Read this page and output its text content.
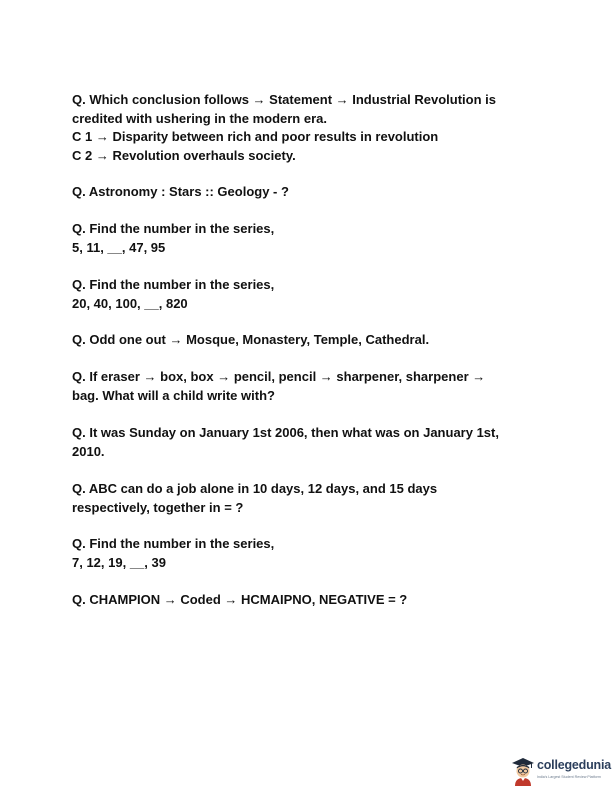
Q. Which conclusion follows → Statement → Industrial Revolution is
credited with ushering in the modern era.
C 1 → Disparity between rich and poor results in revolution
C 2 → Revolution overhauls society.
Q. Astronomy : Stars :: Geology - ?
Q. Find the number in the series,
5, 11, __, 47, 95
Q. Find the number in the series,
20, 40, 100, __, 820
Q. Odd one out → Mosque, Monastery, Temple, Cathedral.
Q. If eraser → box, box → pencil, pencil → sharpener, sharpener →
bag. What will a child write with?
Q. It was Sunday on January 1st 2006, then what was on January 1st,
2010.
Q. ABC can do a job alone in 10 days, 12 days, and 15 days
respectively, together in = ?
Q. Find the number in the series,
7, 12, 19, __, 39
Q. CHAMPION → Coded → HCMAIPNO, NEGATIVE = ?
collegedunia
India's Largest Student Review Platform
